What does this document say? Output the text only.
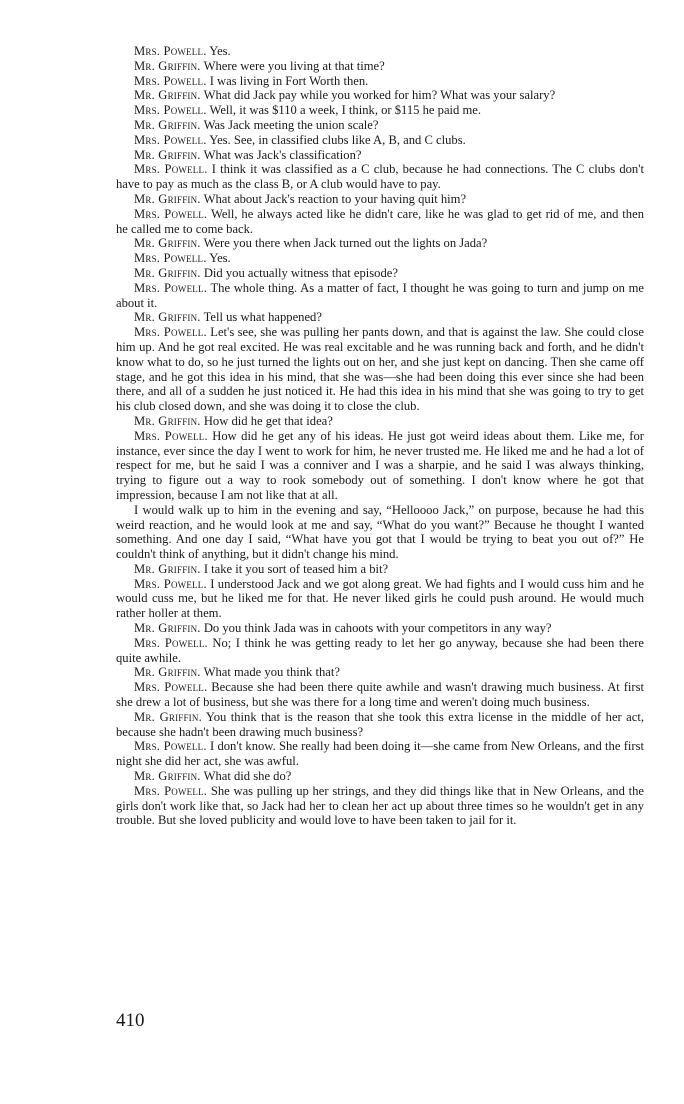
Mrs. Powell. Yes.

Mr. Griffin. Where were you living at that time?

Mrs. Powell. I was living in Fort Worth then.

Mr. Griffin. What did Jack pay while you worked for him? What was your salary?

Mrs. Powell. Well, it was $110 a week, I think, or $115 he paid me.

Mr. Griffin. Was Jack meeting the union scale?

Mrs. Powell. Yes. See, in classified clubs like A, B, and C clubs.

Mr. Griffin. What was Jack's classification?

Mrs. Powell. I think it was classified as a C club, because he had connections. The C clubs don't have to pay as much as the class B, or A club would have to pay.

Mr. Griffin. What about Jack's reaction to your having quit him?

Mrs. Powell. Well, he always acted like he didn't care, like he was glad to get rid of me, and then he called me to come back.

Mr. Griffin. Were you there when Jack turned out the lights on Jada?

Mrs. Powell. Yes.

Mr. Griffin. Did you actually witness that episode?

Mrs. Powell. The whole thing. As a matter of fact, I thought he was going to turn and jump on me about it.

Mr. Griffin. Tell us what happened?

Mrs. Powell. Let's see, she was pulling her pants down, and that is against the law. She could close him up. And he got real excited. He was real excitable and he was running back and forth, and he didn't know what to do, so he just turned the lights out on her, and she just kept on dancing. Then she came off stage, and he got this idea in his mind, that she was—she had been doing this ever since she had been there, and all of a sudden he just noticed it. He had this idea in his mind that she was going to try to get his club closed down, and she was doing it to close the club.

Mr. Griffin. How did he get that idea?

Mrs. Powell. How did he get any of his ideas. He just got weird ideas about them. Like me, for instance, ever since the day I went to work for him, he never trusted me. He liked me and he had a lot of respect for me, but he said I was a conniver and I was a sharpie, and he said I was always thinking, trying to figure out a way to rook somebody out of something. I don't know where he got that impression, because I am not like that at all.

I would walk up to him in the evening and say, “Helloooo Jack,” on purpose, because he had this weird reaction, and he would look at me and say, “What do you want?” Because he thought I wanted something. And one day I said, “What have you got that I would be trying to beat you out of?” He couldn't think of anything, but it didn't change his mind.

Mr. Griffin. I take it you sort of teased him a bit?

Mrs. Powell. I understood Jack and we got along great. We had fights and I would cuss him and he would cuss me, but he liked me for that. He never liked girls he could push around. He would much rather holler at them.

Mr. Griffin. Do you think Jada was in cahoots with your competitors in any way?

Mrs. Powell. No; I think he was getting ready to let her go anyway, because she had been there quite awhile.

Mr. Griffin. What made you think that?

Mrs. Powell. Because she had been there quite awhile and wasn't drawing much business. At first she drew a lot of business, but she was there for a long time and weren't doing much business.

Mr. Griffin. You think that is the reason that she took this extra license in the middle of her act, because she hadn't been drawing much business?

Mrs. Powell. I don't know. She really had been doing it—she came from New Orleans, and the first night she did her act, she was awful.

Mr. Griffin. What did she do?

Mrs. Powell. She was pulling up her strings, and they did things like that in New Orleans, and the girls don't work like that, so Jack had her to clean her act up about three times so he wouldn't get in any trouble. But she loved publicity and would love to have been taken to jail for it.

410
